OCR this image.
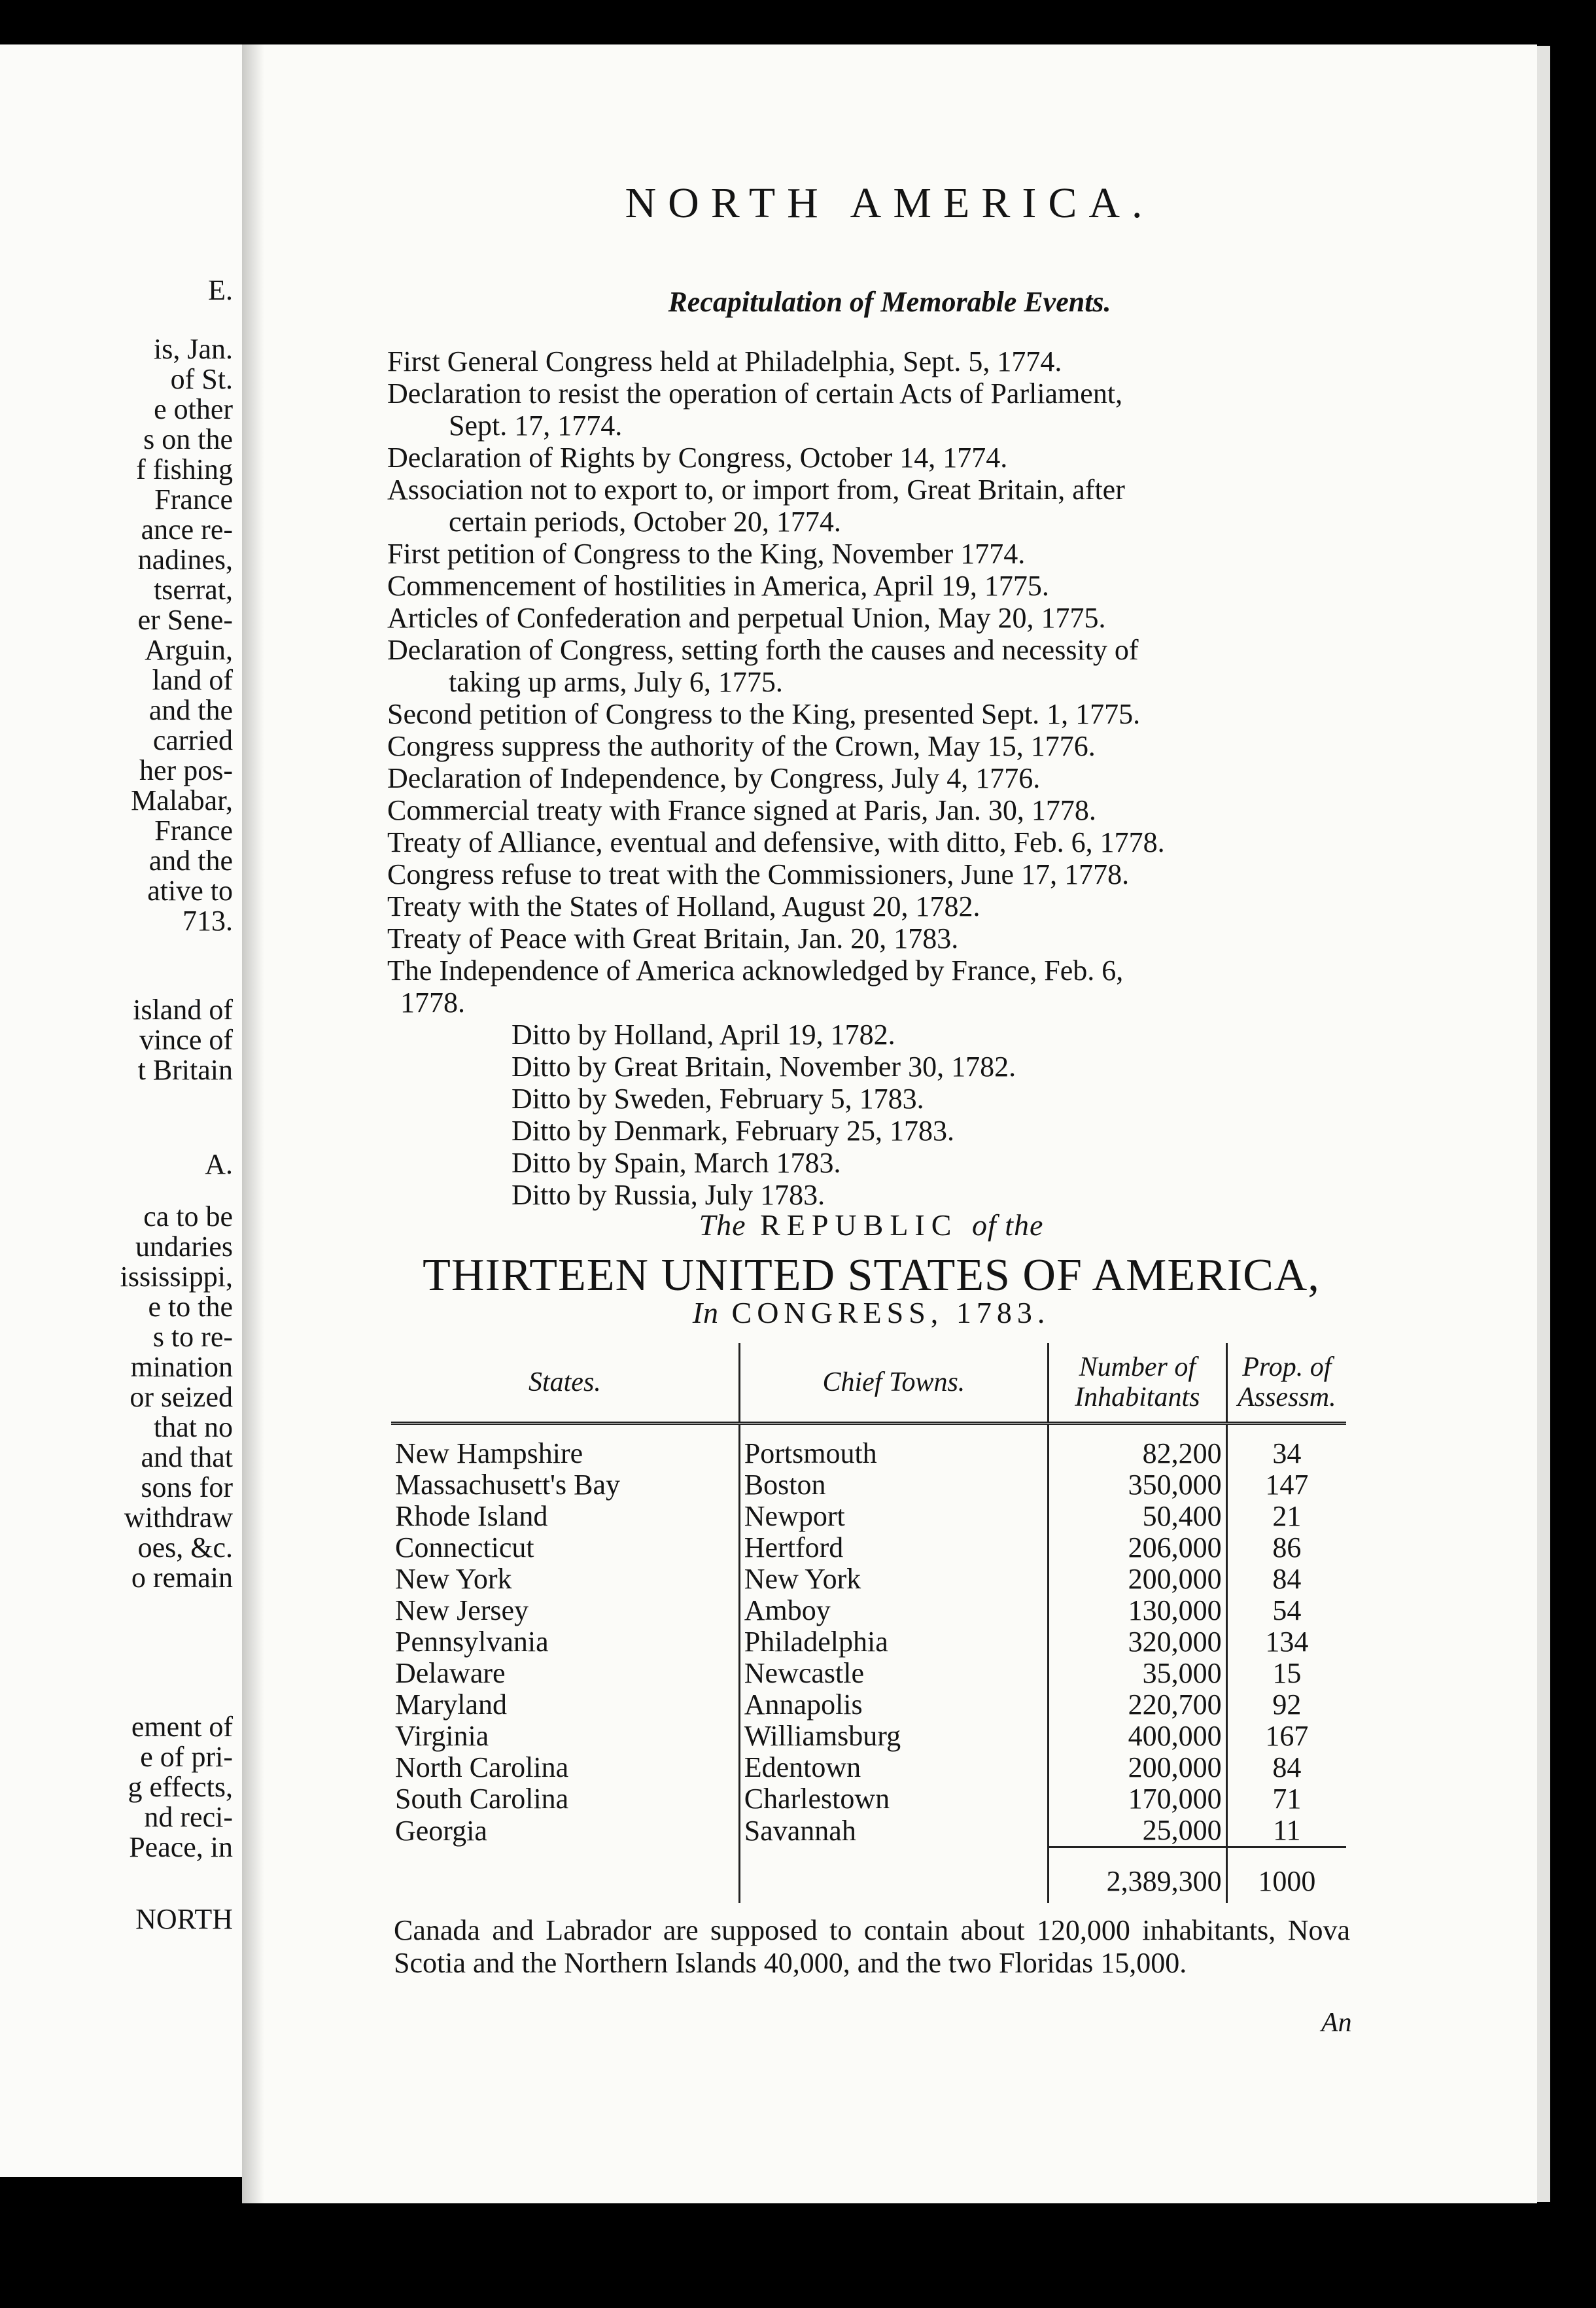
E.
is, Jan.
of St.
e other
s on the
f fishing
France
ance re-
nadines,
tserrat,
er Sene-
Arguin,
land of
and the
carried
her pos-
Malabar,
France
and the
ative to
713.
island of
vince of
t Britain
A.
ca to be
undaries
ississippi,
e to the
s to re-
mination
or seized
that no
and that
sons for
withdraw
oes, &c.
o remain
ement of
e of pri-
g effects,
nd reci-
Peace, in
NORTH
NORTH AMERICA.
Recapitulation of Memorable Events.
First General Congress held at Philadelphia, Sept. 5, 1774.
Declaration to resist the operation of certain Acts of Parliament,
Sept. 17, 1774.
Declaration of Rights by Congress, October 14, 1774.
Association not to export to, or import from, Great Britain, after
certain periods, October 20, 1774.
First petition of Congress to the King, November 1774.
Commencement of hostilities in America, April 19, 1775.
Articles of Confederation and perpetual Union, May 20, 1775.
Declaration of Congress, setting forth the causes and necessity of
taking up arms, July 6, 1775.
Second petition of Congress to the King, presented Sept. 1, 1775.
Congress suppress the authority of the Crown, May 15, 1776.
Declaration of Independence, by Congress, July 4, 1776.
Commercial treaty with France signed at Paris, Jan. 30, 1778.
Treaty of Alliance, eventual and defensive, with ditto, Feb. 6, 1778.
Congress refuse to treat with the Commissioners, June 17, 1778.
Treaty with the States of Holland, August 20, 1782.
Treaty of Peace with Great Britain, Jan. 20, 1783.
The Independence of America acknowledged by France, Feb. 6,
1778.
Ditto by Holland, April 19, 1782.
Ditto by Great Britain, November 30, 1782.
Ditto by Sweden, February 5, 1783.
Ditto by Denmark, February 25, 1783.
Ditto by Spain, March 1783.
Ditto by Russia, July 1783.
The REPUBLIC of the
THIRTEEN UNITED STATES OF AMERICA,
In CONGRESS, 1783.
States.	Chief Towns.	Number of Inhabitants	Prop. of Assessm.

New Hampshire	Portsmouth	82,200	34
Massachusett's Bay	Boston	350,000	147
Rhode Island	Newport	50,400	21
Connecticut	Hertford	206,000	86
New York	New York	200,000	84
New Jersey	Amboy	130,000	54
Pennsylvania	Philadelphia	320,000	134
Delaware	Newcastle	35,000	15
Maryland	Annapolis	220,700	92
Virginia	Williamsburg	400,000	167
North Carolina	Edentown	200,000	84
South Carolina	Charlestown	170,000	71
Georgia	Savannah	25,000	11
		2,389,300	1000
Canada and Labrador are supposed to contain about 120,000 inhabitants, Nova Scotia and the Northern Islands 40,000, and the two Floridas 15,000.
An
